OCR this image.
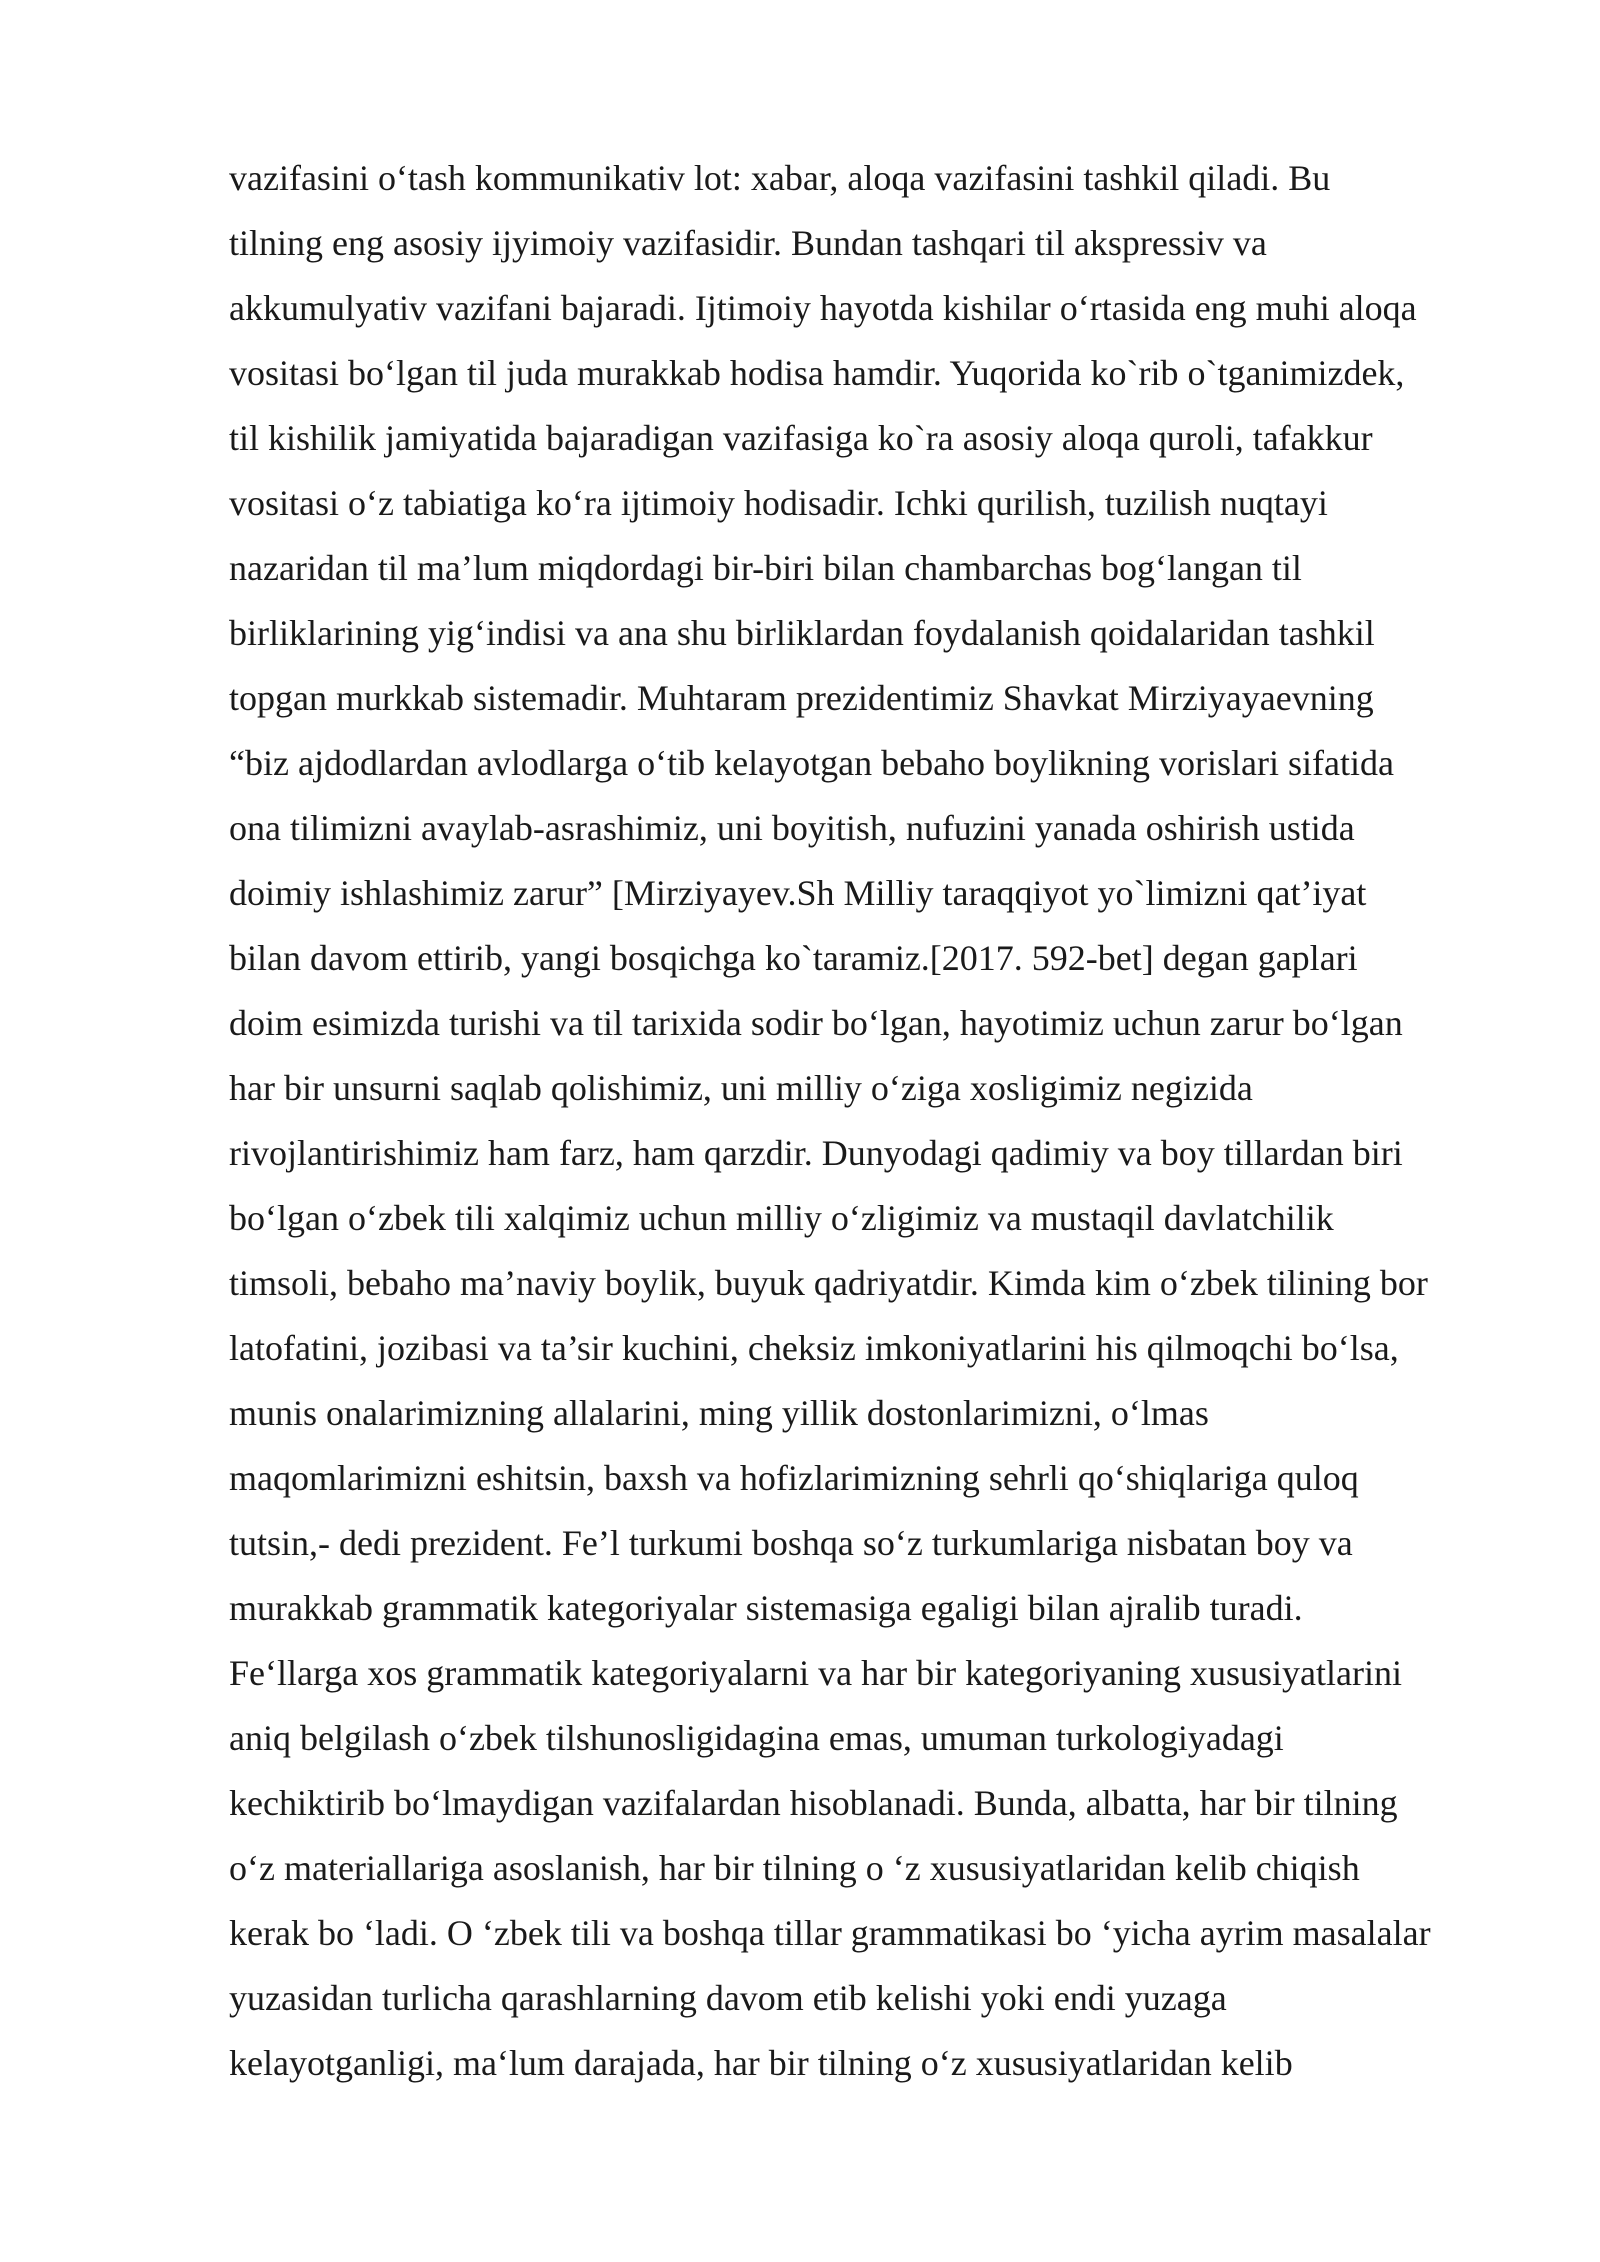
vazifasini oʻtash kommunikativ lot: xabar, aloqa vazifasini tashkil qiladi. Bu
tilning eng asosiy ijyimoiy vazifasidir. Bundan tashqari til akspressiv va
akkumulyativ vazifani bajaradi. Ijtimoiy hayotda kishilar oʻrtasida eng muhi aloqa
vositasi boʻlgan til juda murakkab hodisa hamdir. Yuqorida ko`rib o`tganimizdek,
til kishilik jamiyatida bajaradigan vazifasiga ko`ra asosiy aloqa quroli, tafakkur
vositasi oʻz tabiatiga koʻra ijtimoiy hodisadir. Ichki qurilish, tuzilish nuqtayi
nazaridan til ma’lum miqdordagi bir-biri bilan chambarchas bogʻlangan til
birliklarining yigʻindisi va ana shu birliklardan foydalanish qoidalaridan tashkil
topgan murkkab sistemadir. Muhtaram prezidentimiz Shavkat Mirziyayaevning
“biz ajdodlardan avlodlarga oʻtib kelayotgan bebaho boylikning vorislari sifatida
ona tilimizni avaylab-asrashimiz, uni boyitish, nufuzini yanada oshirish ustida
doimiy ishlashimiz zarur” [Mirziyayev.Sh Milliy taraqqiyot yo`limizni qat’iyat
bilan davom ettirib, yangi bosqichga ko`taramiz.[2017. 592-bet] degan gaplari
doim esimizda turishi va til tarixida sodir boʻlgan, hayotimiz uchun zarur boʻlgan
har bir unsurni saqlab qolishimiz, uni milliy oʻziga xosligimiz negizida
rivojlantirishimiz ham farz, ham qarzdir. Dunyodagi qadimiy va boy tillardan biri
boʻlgan oʻzbek tili xalqimiz uchun milliy oʻzligimiz va mustaqil davlatchilik
timsoli, bebaho ma’naviy boylik, buyuk qadriyatdir. Kimda kim oʻzbek tilining bor
latofatini, jozibasi va ta’sir kuchini, cheksiz imkoniyatlarini his qilmoqchi boʻlsa,
munis onalarimizning allalarini, ming yillik dostonlarimizni, oʻlmas
maqomlarimizni eshitsin, baxsh va hofizlarimizning sehrli qoʻshiqlariga quloq
tutsin,- dedi prezident. Fe’l turkumi boshqa soʻz turkumlariga nisbatan boy va
murakkab grammatik kategoriyalar sistemasiga egaligi bilan ajralib turadi.
Feʻllarga xos grammatik kategoriyalarni va har bir kategoriyaning xususiyatlarini
aniq belgilash oʻzbek tilshunosligidagina emas, umuman turkologiyadagi
kechiktirib boʻlmaydigan vazifalardan hisoblanadi. Bunda, albatta, har bir tilning
oʻz materiallariga asoslanish, har bir tilning o ʻz xususiyatlaridan kelib chiqish
kerak bo ʻladi. O ʻzbek tili va boshqa tillar grammatikasi bo ʻyicha ayrim masalalar
yuzasidan turlicha qarashlarning davom etib kelishi yoki endi yuzaga
kelayotganligi, maʻlum darajada, har bir tilning oʻz xususiyatlaridan kelib
